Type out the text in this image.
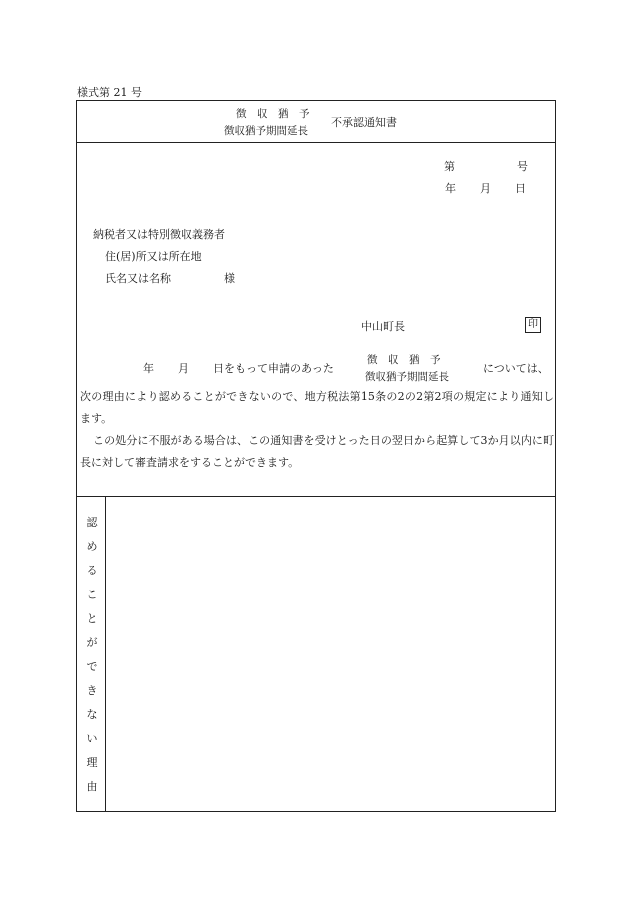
様式第 21 号
徴　収　猶　予
徴収猶予期間延長
不承認通知書
第	号
年 月 日
納税者又は特別徴収義務者
住(居)所又は所在地
氏名又は名称	様
中山町長	印
年 月 日をもって申請のあった
徴　収　猶　予
徴収猶予期間延長
については、
次の理由により認めることができないので、地方税法第15条の2の2第2項の規定により通知します。
この処分に不服がある場合は、この通知書を受けとった日の翌日から起算して3か月以内に町長に対して審査請求をすることができます。
認
め
る
こ
と
が
で
き
な
い
理
由
